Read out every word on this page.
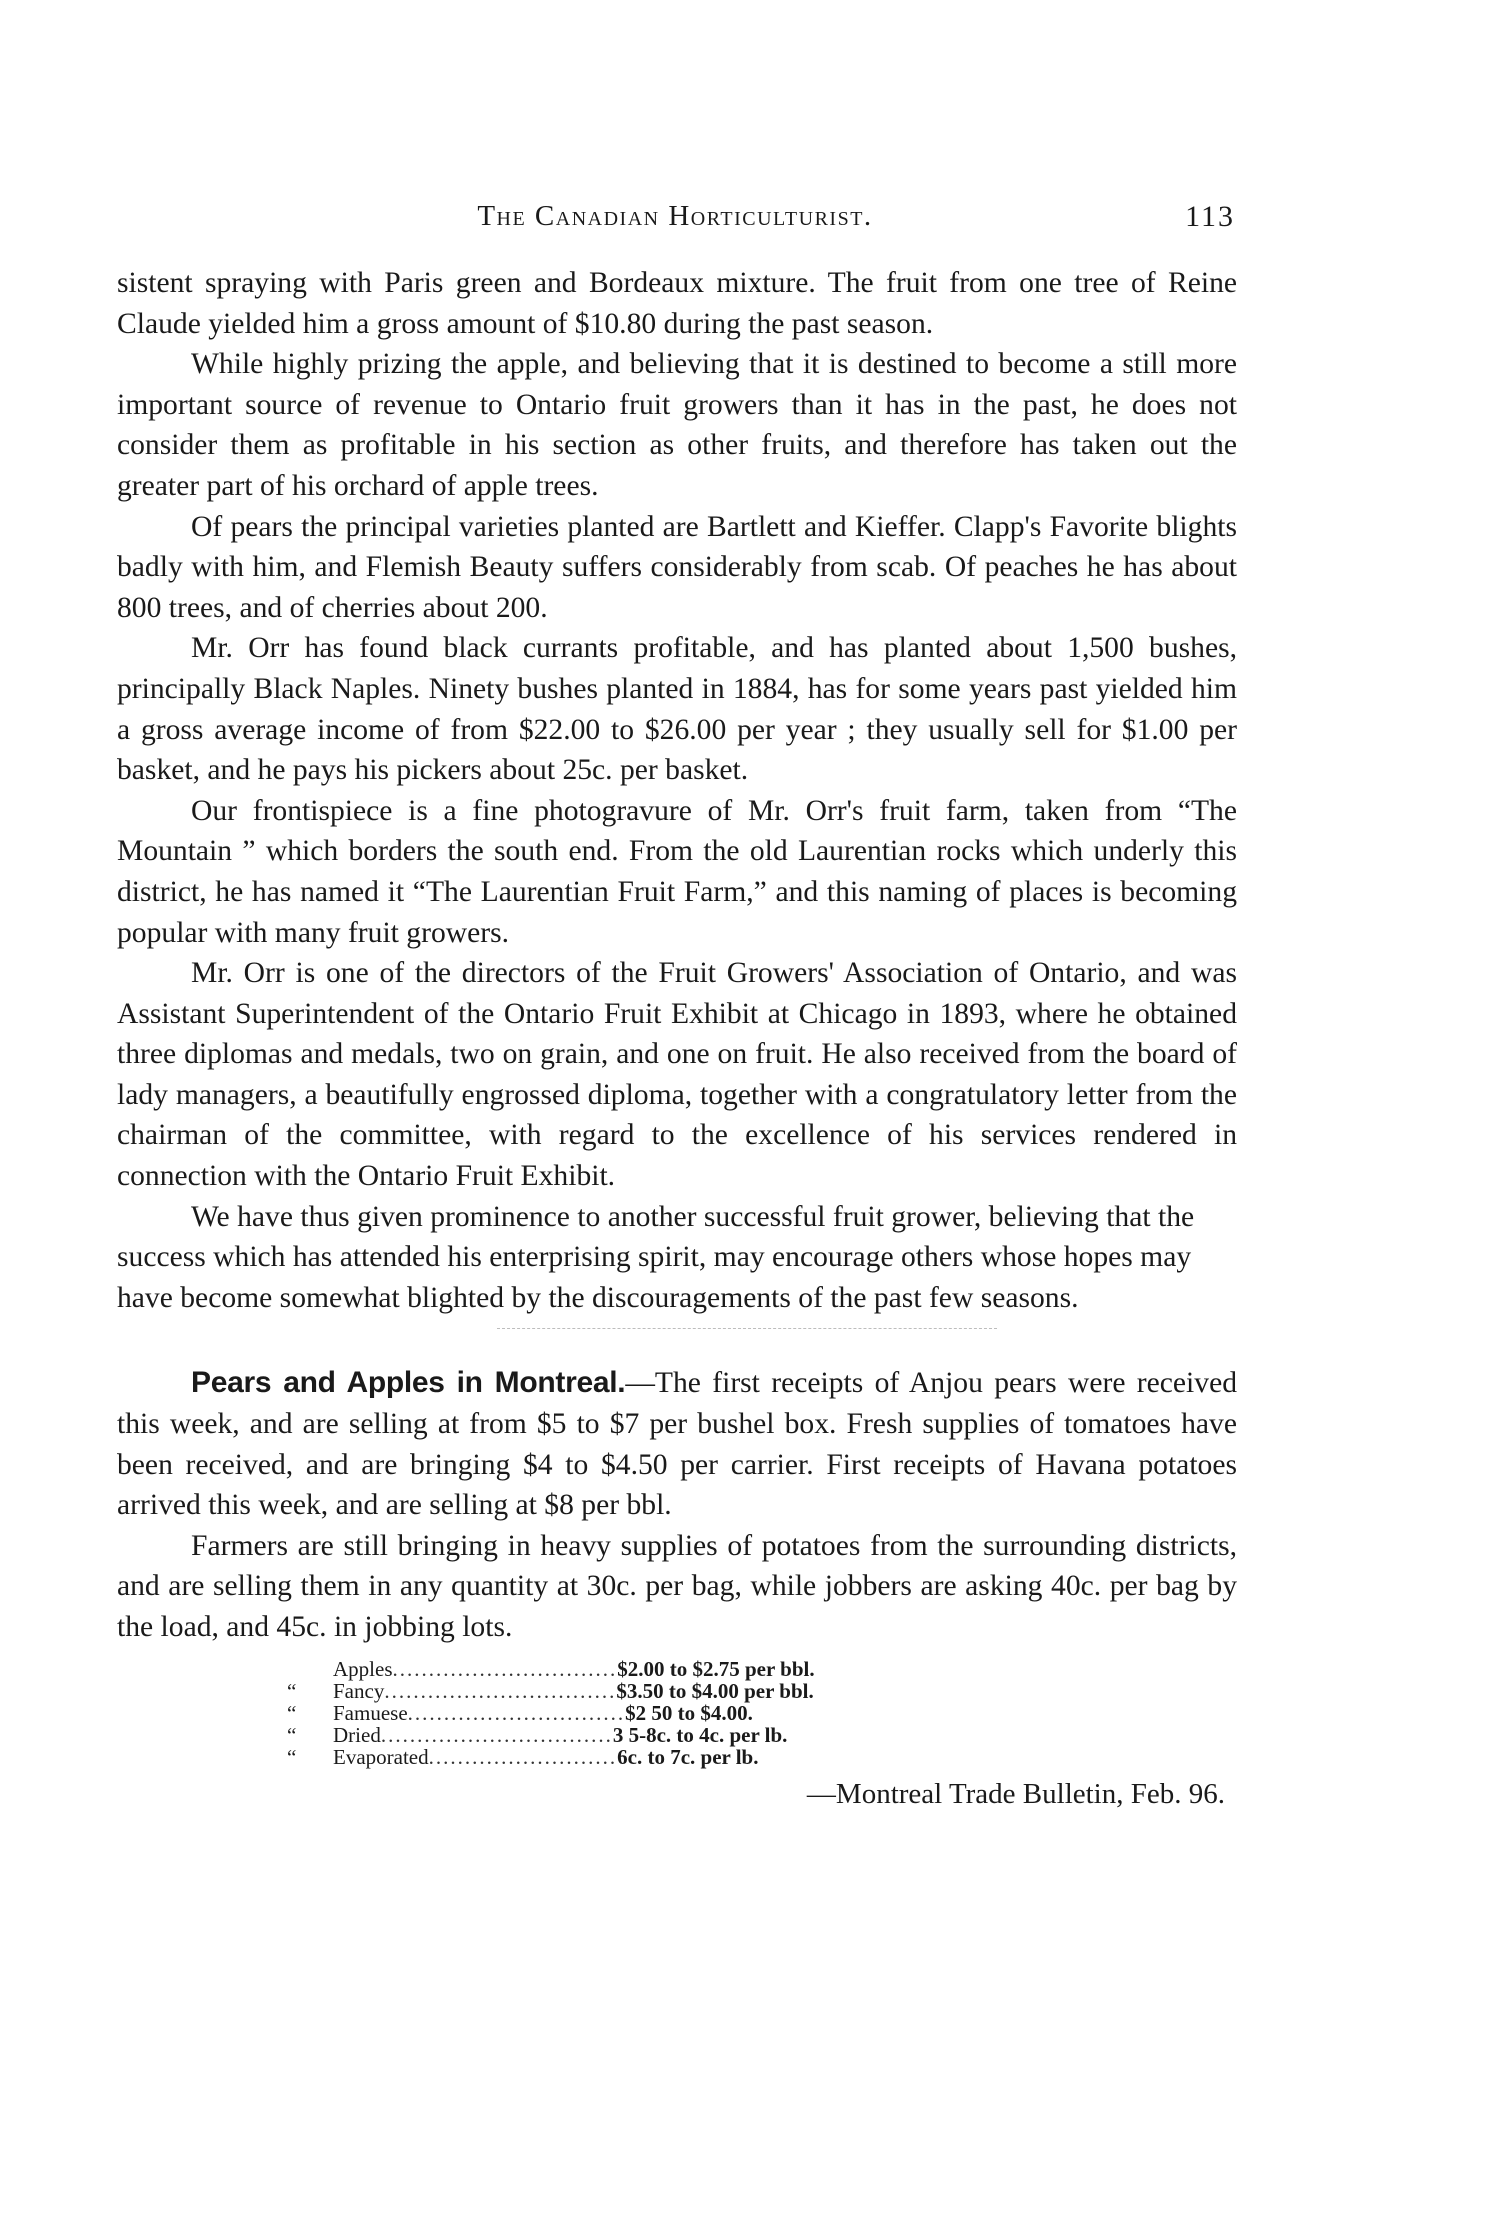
The Canadian Horticulturist.	113

sistent spraying with Paris green and Bordeaux mixture. The fruit from one tree of Reine Claude yielded him a gross amount of $10.80 during the past season.

While highly prizing the apple, and believing that it is destined to become a still more important source of revenue to Ontario fruit growers than it has in the past, he does not consider them as profitable in his section as other fruits, and therefore has taken out the greater part of his orchard of apple trees.

Of pears the principal varieties planted are Bartlett and Kieffer. Clapp's Favorite blights badly with him, and Flemish Beauty suffers considerably from scab. Of peaches he has about 800 trees, and of cherries about 200.

Mr. Orr has found black currants profitable, and has planted about 1,500 bushes, principally Black Naples. Ninety bushes planted in 1884, has for some years past yielded him a gross average income of from $22.00 to $26.00 per year ; they usually sell for $1.00 per basket, and he pays his pickers about 25c. per basket.

Our frontispiece is a fine photogravure of Mr. Orr's fruit farm, taken from “The Mountain ” which borders the south end. From the old Laurentian rocks which underly this district, he has named it “The Laurentian Fruit Farm,” and this naming of places is becoming popular with many fruit growers.

Mr. Orr is one of the directors of the Fruit Growers' Association of Ontario, and was Assistant Superintendent of the Ontario Fruit Exhibit at Chicago in 1893, where he obtained three diplomas and medals, two on grain, and one on fruit. He also received from the board of lady managers, a beautifully engrossed diploma, together with a congratulatory letter from the chairman of the committee, with regard to the excellence of his services rendered in connection with the Ontario Fruit Exhibit.

We have thus given prominence to another successful fruit grower, believing that the success which has attended his enterprising spirit, may encourage others whose hopes may have become somewhat blighted by the discouragements of the past few seasons.

Pears and Apples in Montreal.—The first receipts of Anjou pears were received this week, and are selling at from $5 to $7 per bushel box. Fresh supplies of tomatoes have been received, and are bringing $4 to $4.50 per carrier. First receipts of Havana potatoes arrived this week, and are selling at $8 per bbl.

Farmers are still bringing in heavy supplies of potatoes from the surrounding districts, and are selling them in any quantity at 30c. per bag, while jobbers are asking 40c. per bag by the load, and 45c. in jobbing lots.

Apples ............................... $2.00 to $2.75 per bbl.
“	Fancy ................................ $3.50 to $4.00 per bbl.
“	Famuese .............................. $2 50 to $4.00.
“	Dried ................................ 3 5-8c. to 4c. per lb.
“	Evaporated .......................... 6c. to 7c. per lb.
—Montreal Trade Bulletin, Feb. 96.
